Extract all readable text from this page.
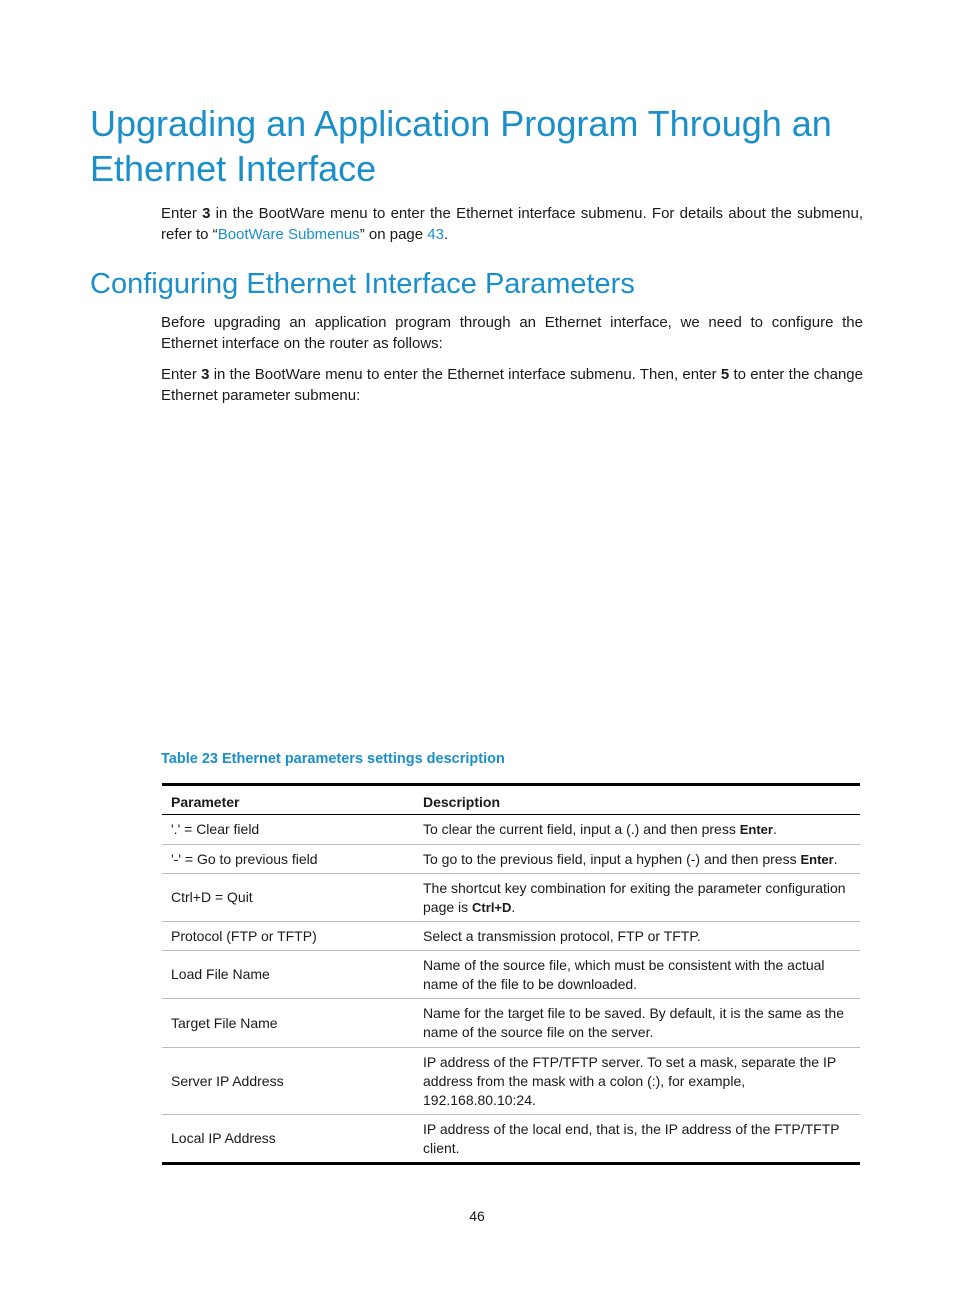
Upgrading an Application Program Through an Ethernet Interface

Enter 3 in the BootWare menu to enter the Ethernet interface submenu. For details about the submenu, refer to “BootWare Submenus” on page 43.

Configuring Ethernet Interface Parameters

Before upgrading an application program through an Ethernet interface, we need to configure the Ethernet interface on the router as follows:

Enter 3 in the BootWare menu to enter the Ethernet interface submenu. Then, enter 5 to enter the change Ethernet parameter submenu:

Table 23 Ethernet parameters settings description
Parameter	Description
'.' = Clear field	To clear the current field, input a (.) and then press Enter.
'-' = Go to previous field	To go to the previous field, input a hyphen (-) and then press Enter.
Ctrl+D = Quit	The shortcut key combination for exiting the parameter configuration page is Ctrl+D.
Protocol (FTP or TFTP)	Select a transmission protocol, FTP or TFTP.
Load File Name	Name of the source file, which must be consistent with the actual name of the file to be downloaded.
Target File Name	Name for the target file to be saved. By default, it is the same as the name of the source file on the server.
Server IP Address	IP address of the FTP/TFTP server. To set a mask, separate the IP address from the mask with a colon (:), for example, 192.168.80.10:24.
Local IP Address	IP address of the local end, that is, the IP address of the FTP/TFTP client.
46
